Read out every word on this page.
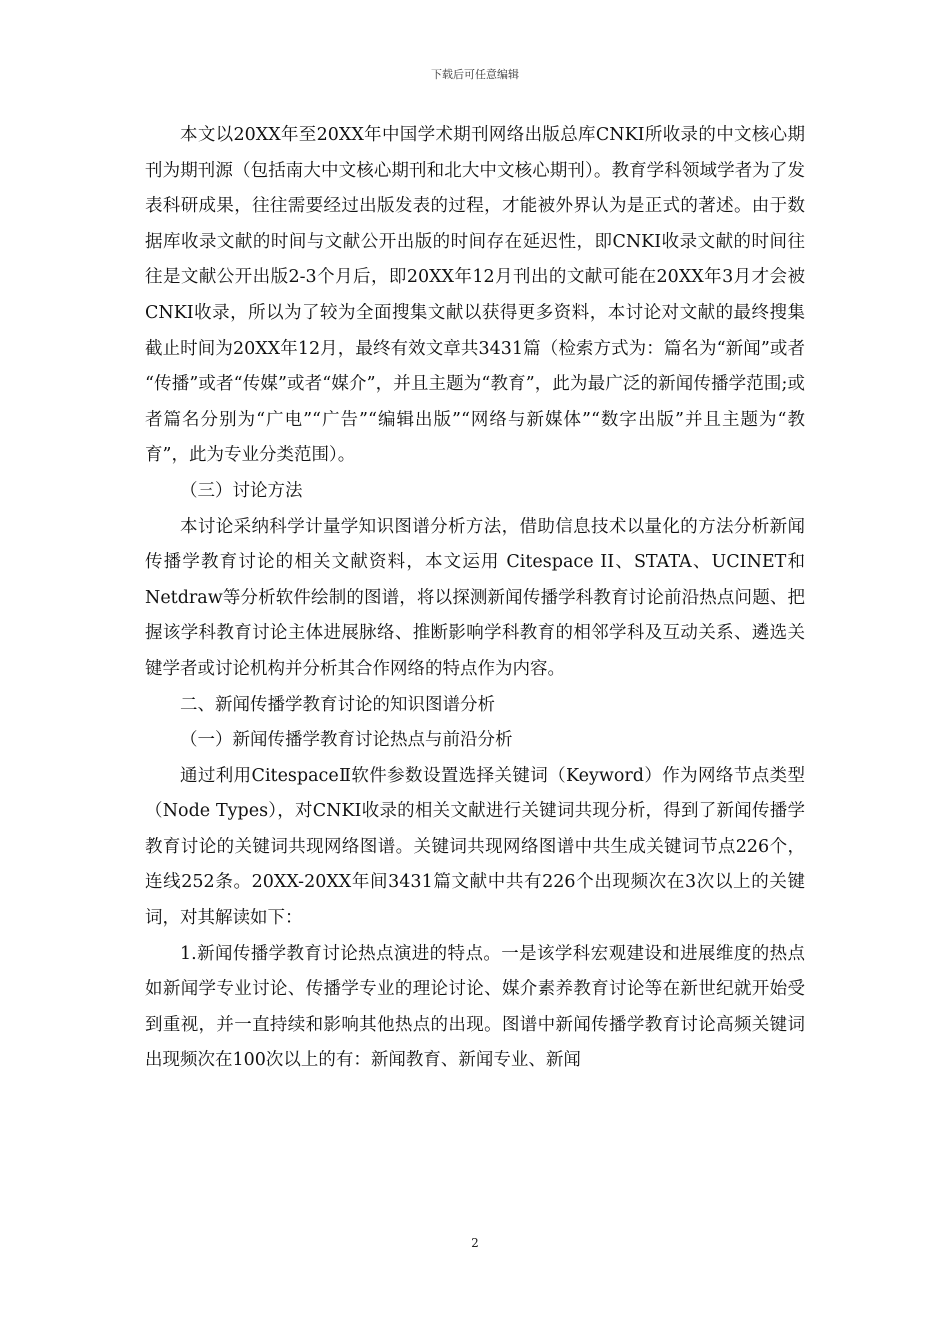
下载后可任意编辑

本文以20XX年至20XX年中国学术期刊网络出版总库CNKI所收录的中文核心期刊为期刊源（包括南大中文核心期刊和北大中文核心期刊）。教育学科领域学者为了发表科研成果，往往需要经过出版发表的过程，才能被外界认为是正式的著述。由于数据库收录文献的时间与文献公开出版的时间存在延迟性，即CNKI收录文献的时间往往是文献公开出版2-3个月后，即20XX年12月刊出的文献可能在20XX年3月才会被CNKI收录，所以为了较为全面搜集文献以获得更多资料，本讨论对文献的最终搜集截止时间为20XX年12月，最终有效文章共3431篇（检索方式为：篇名为“新闻”或者 “传播”或者“传媒”或者“媒介”，并且主题为“教育”，此为最广泛的新闻传播学范围;或者篇名分别为“广电”“广告”“编辑出版”“网络与新媒体”“数字出版”并且主题为“教育”，此为专业分类范围）。

（三）讨论方法

本讨论采纳科学计量学知识图谱分析方法，借助信息技术以量化的方法分析新闻传播学教育讨论的相关文献资料，本文运用 Citespace II、STATA、UCINET和Netdraw等分析软件绘制的图谱，将以探测新闻传播学科教育讨论前沿热点问题、把握该学科教育讨论主体进展脉络、推断影响学科教育的相邻学科及互动关系、遴选关键学者或讨论机构并分析其合作网络的特点作为内容。

二、新闻传播学教育讨论的知识图谱分析

（一）新闻传播学教育讨论热点与前沿分析

通过利用CitespaceⅡ软件参数设置选择关键词（Keyword）作为网络节点类型（Node Types），对CNKI收录的相关文献进行关键词共现分析，得到了新闻传播学教育讨论的关键词共现网络图谱。关键词共现网络图谱中共生成关键词节点226个，连线252条。20XX-20XX年间3431篇文献中共有226个出现频次在3次以上的关键词，对其解读如下：

1.新闻传播学教育讨论热点演进的特点。一是该学科宏观建设和进展维度的热点如新闻学专业讨论、传播学专业的理论讨论、媒介素养教育讨论等在新世纪就开始受到重视，并一直持续和影响其他热点的出现。图谱中新闻传播学教育讨论高频关键词出现频次在100次以上的有：新闻教育、新闻专业、新闻

2
